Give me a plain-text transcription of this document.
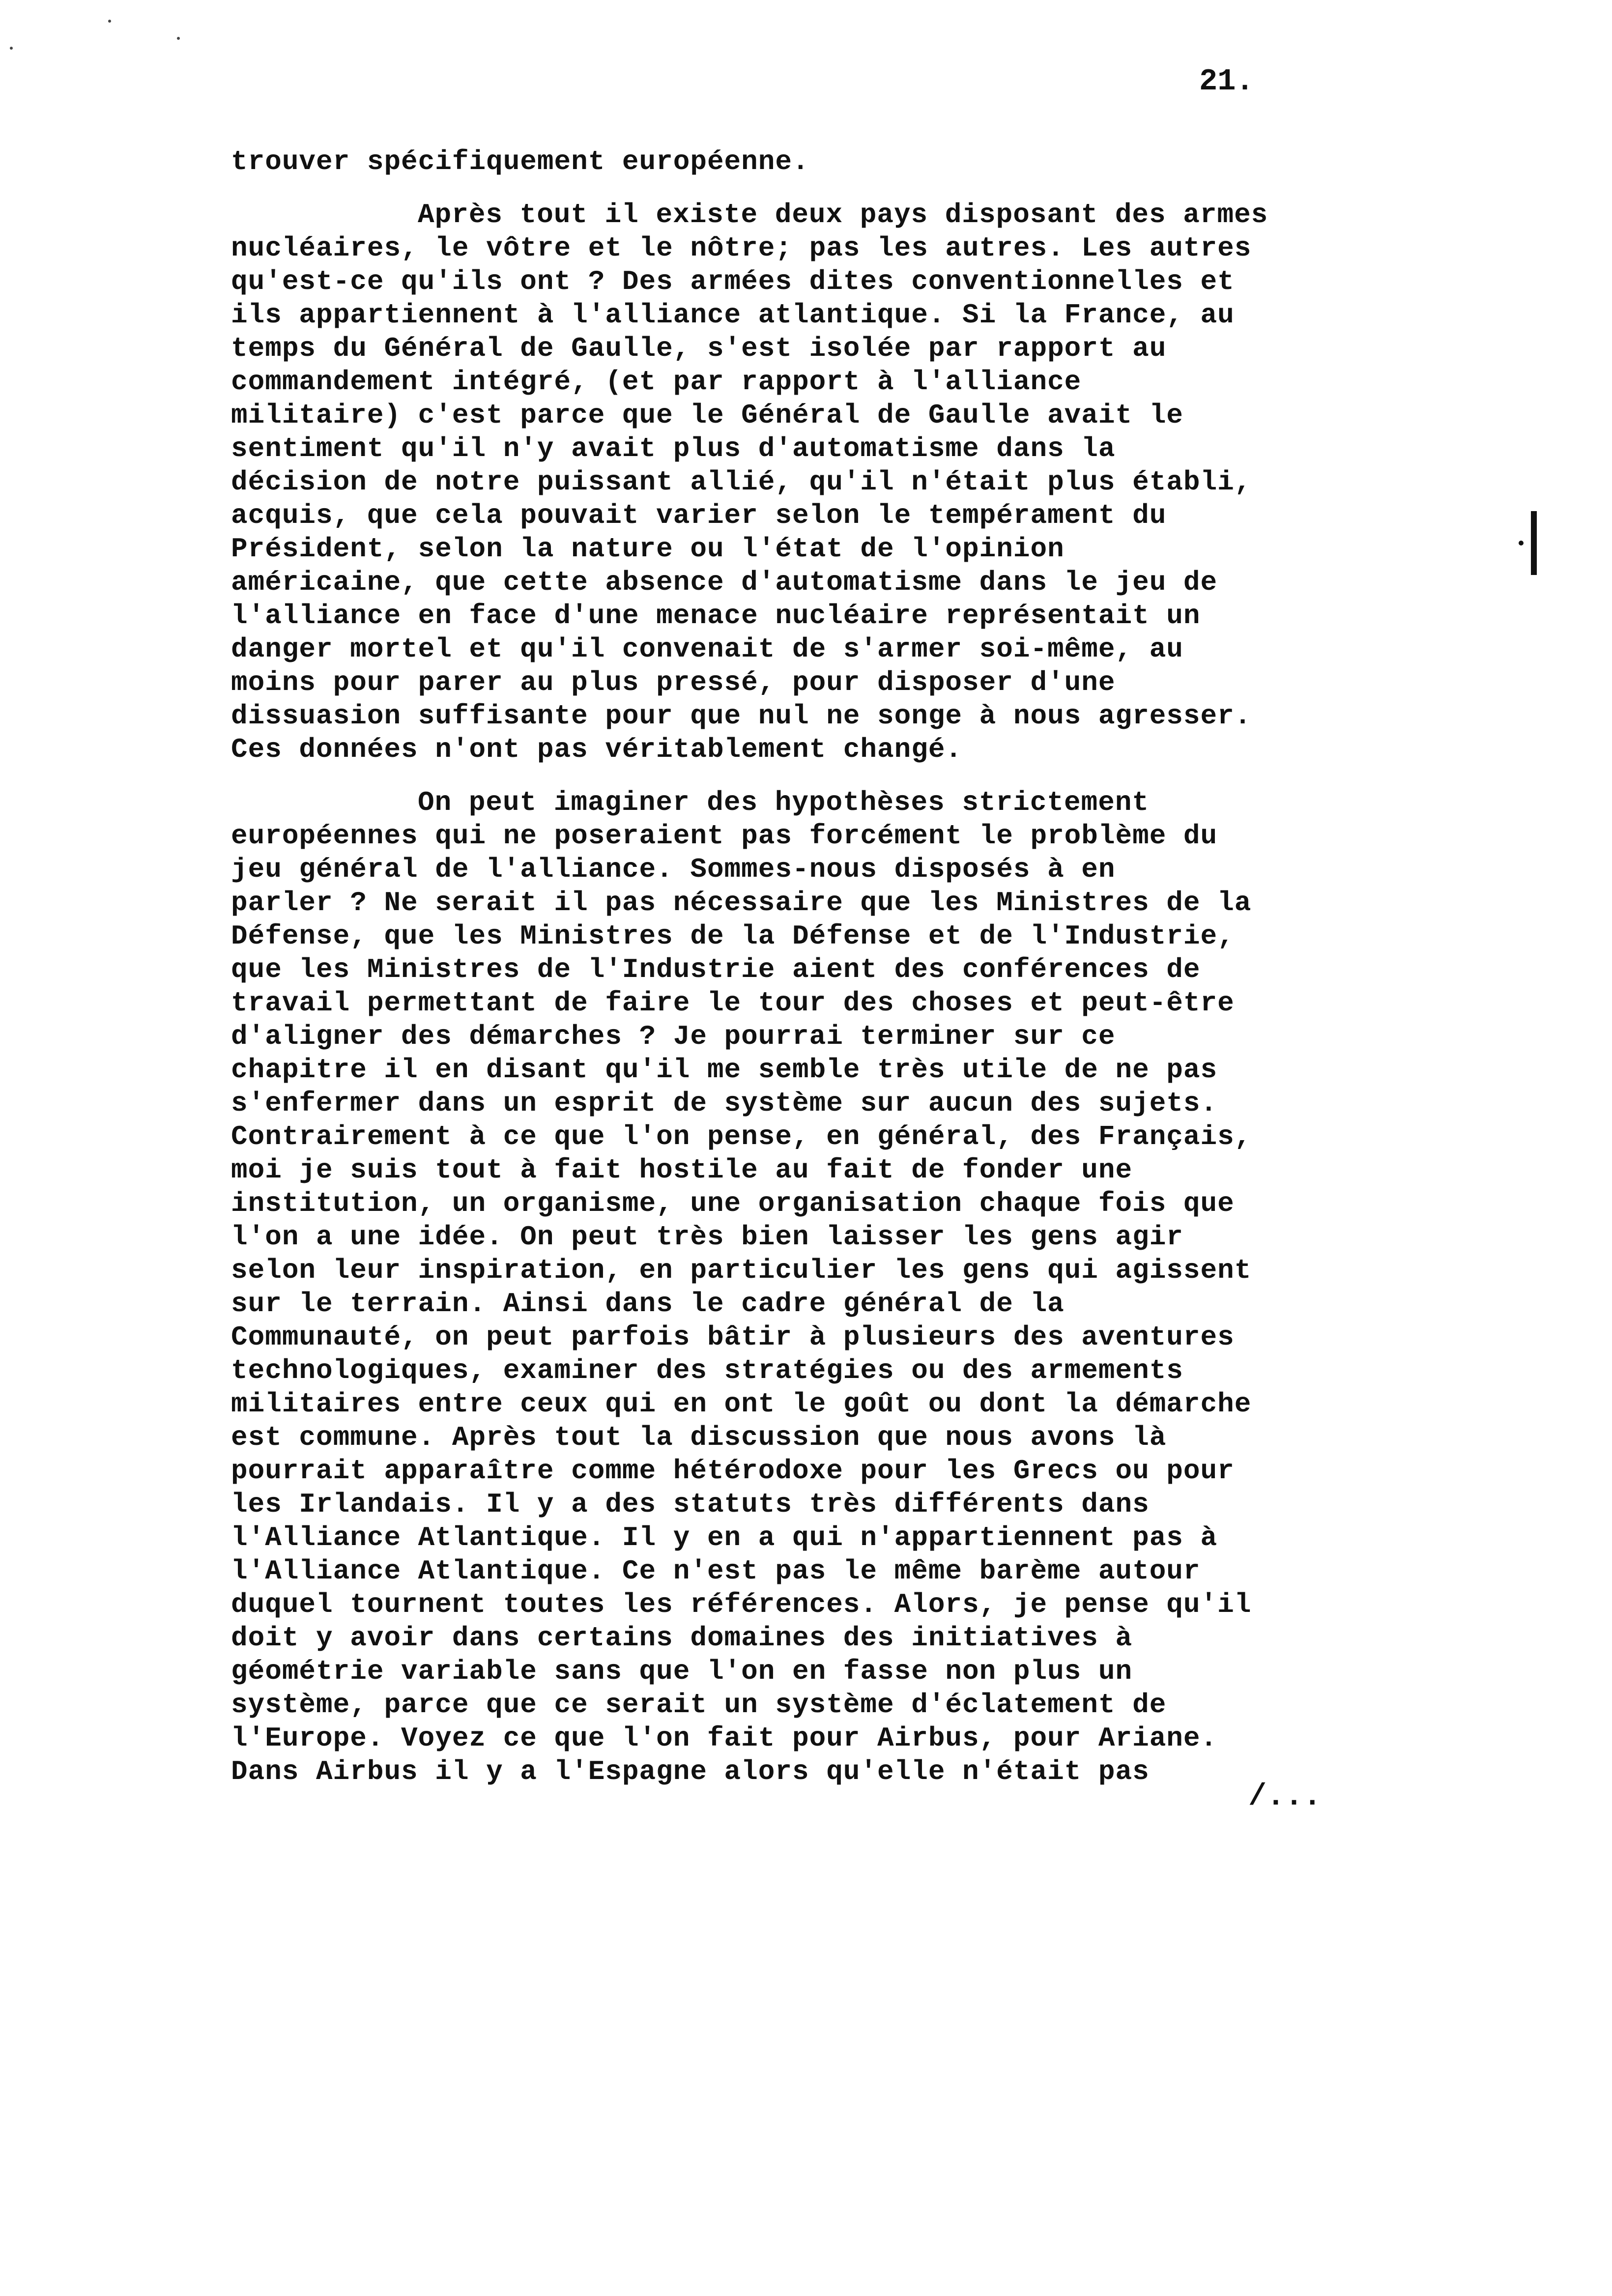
21.
trouver spécifiquement européenne.
Après tout il existe deux pays disposant des armes
nucléaires, le vôtre et le nôtre; pas les autres. Les autres
qu'est-ce qu'ils ont ? Des armées dites conventionnelles et
ils appartiennent à l'alliance atlantique. Si la France, au
temps du Général de Gaulle, s'est isolée par rapport au
commandement intégré, (et par rapport à l'alliance
militaire) c'est parce que le Général de Gaulle avait le
sentiment qu'il n'y avait plus d'automatisme dans la
décision de notre puissant allié, qu'il n'était plus établi,
acquis, que cela pouvait varier selon le tempérament du
Président, selon la nature ou l'état de l'opinion
américaine, que cette absence d'automatisme dans le jeu de
l'alliance en face d'une menace nucléaire représentait un
danger mortel et qu'il convenait de s'armer soi-même, au
moins pour parer au plus pressé, pour disposer d'une
dissuasion suffisante pour que nul ne songe à nous agresser.
Ces données n'ont pas véritablement changé.
On peut imaginer des hypothèses strictement
européennes qui ne poseraient pas forcément le problème du
jeu général de l'alliance. Sommes-nous disposés à en
parler ? Ne serait il pas nécessaire que les Ministres de la
Défense, que les Ministres de la Défense et de l'Industrie,
que les Ministres de l'Industrie aient des conférences de
travail permettant de faire le tour des choses et peut-être
d'aligner des démarches ? Je pourrai terminer sur ce
chapitre il en disant qu'il me semble très utile de ne pas
s'enfermer dans un esprit de système sur aucun des sujets.
Contrairement à ce que l'on pense, en général, des Français,
moi je suis tout à fait hostile au fait de fonder une
institution, un organisme, une organisation chaque fois que
l'on a une idée. On peut très bien laisser les gens agir
selon leur inspiration, en particulier les gens qui agissent
sur le terrain. Ainsi dans le cadre général de la
Communauté, on peut parfois bâtir à plusieurs des aventures
technologiques, examiner des stratégies ou des armements
militaires entre ceux qui en ont le goût ou dont la démarche
est commune. Après tout la discussion que nous avons là
pourrait apparaître comme hétérodoxe pour les Grecs ou pour
les Irlandais. Il y a des statuts très différents dans
l'Alliance Atlantique. Il y en a qui n'appartiennent pas à
l'Alliance Atlantique. Ce n'est pas le même barème autour
duquel tournent toutes les références. Alors, je pense qu'il
doit y avoir dans certains domaines des initiatives à
géométrie variable sans que l'on en fasse non plus un
système, parce que ce serait un système d'éclatement de
l'Europe. Voyez ce que l'on fait pour Airbus, pour Ariane.
Dans Airbus il y a l'Espagne alors qu'elle n'était pas
/...
